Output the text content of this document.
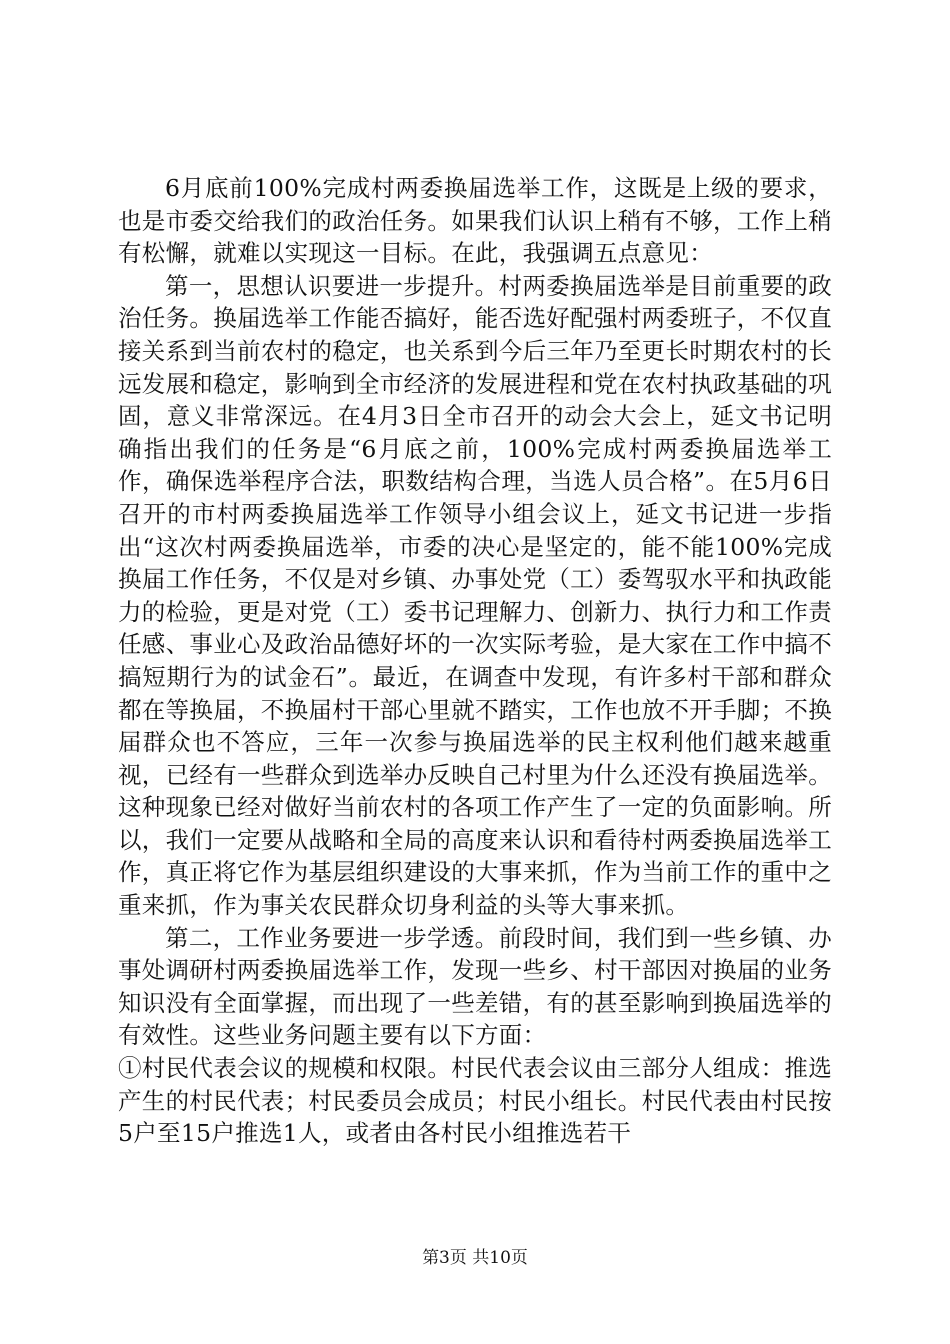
6月底前100%完成村两委换届选举工作，这既是上级的要求，也是市委交给我们的政治任务。如果我们认识上稍有不够，工作上稍有松懈，就难以实现这一目标。在此，我强调五点意见：

第一，思想认识要进一步提升。村两委换届选举是目前重要的政治任务。换届选举工作能否搞好，能否选好配强村两委班子，不仅直接关系到当前农村的稳定，也关系到今后三年乃至更长时期农村的长远发展和稳定，影响到全市经济的发展进程和党在农村执政基础的巩固，意义非常深远。在4月3日全市召开的动会大会上，延文书记明确指出我们的任务是“6月底之前，100%完成村两委换届选举工作，确保选举程序合法，职数结构合理，当选人员合格”。在5月6日召开的市村两委换届选举工作领导小组会议上，延文书记进一步指出“这次村两委换届选举，市委的决心是坚定的，能不能100%完成换届工作任务，不仅是对乡镇、办事处党（工）委驾驭水平和执政能力的检验，更是对党（工）委书记理解力、创新力、执行力和工作责任感、事业心及政治品德好坏的一次实际考验，是大家在工作中搞不搞短期行为的试金石”。最近，在调查中发现，有许多村干部和群众都在等换届，不换届村干部心里就不踏实，工作也放不开手脚；不换届群众也不答应，三年一次参与换届选举的民主权利他们越来越重视，已经有一些群众到选举办反映自己村里为什么还没有换届选举。这种现象已经对做好当前农村的各项工作产生了一定的负面影响。所以，我们一定要从战略和全局的高度来认识和看待村两委换届选举工作，真正将它作为基层组织建设的大事来抓，作为当前工作的重中之重来抓，作为事关农民群众切身利益的头等大事来抓。

第二，工作业务要进一步学透。前段时间，我们到一些乡镇、办事处调研村两委换届选举工作，发现一些乡、村干部因对换届的业务知识没有全面掌握，而出现了一些差错，有的甚至影响到换届选举的有效性。这些业务问题主要有以下方面：

①村民代表会议的规模和权限。村民代表会议由三部分人组成：推选产生的村民代表；村民委员会成员；村民小组长。村民代表由村民按5户至15户推选1人，或者由各村民小组推选若干

第3页 共10页
